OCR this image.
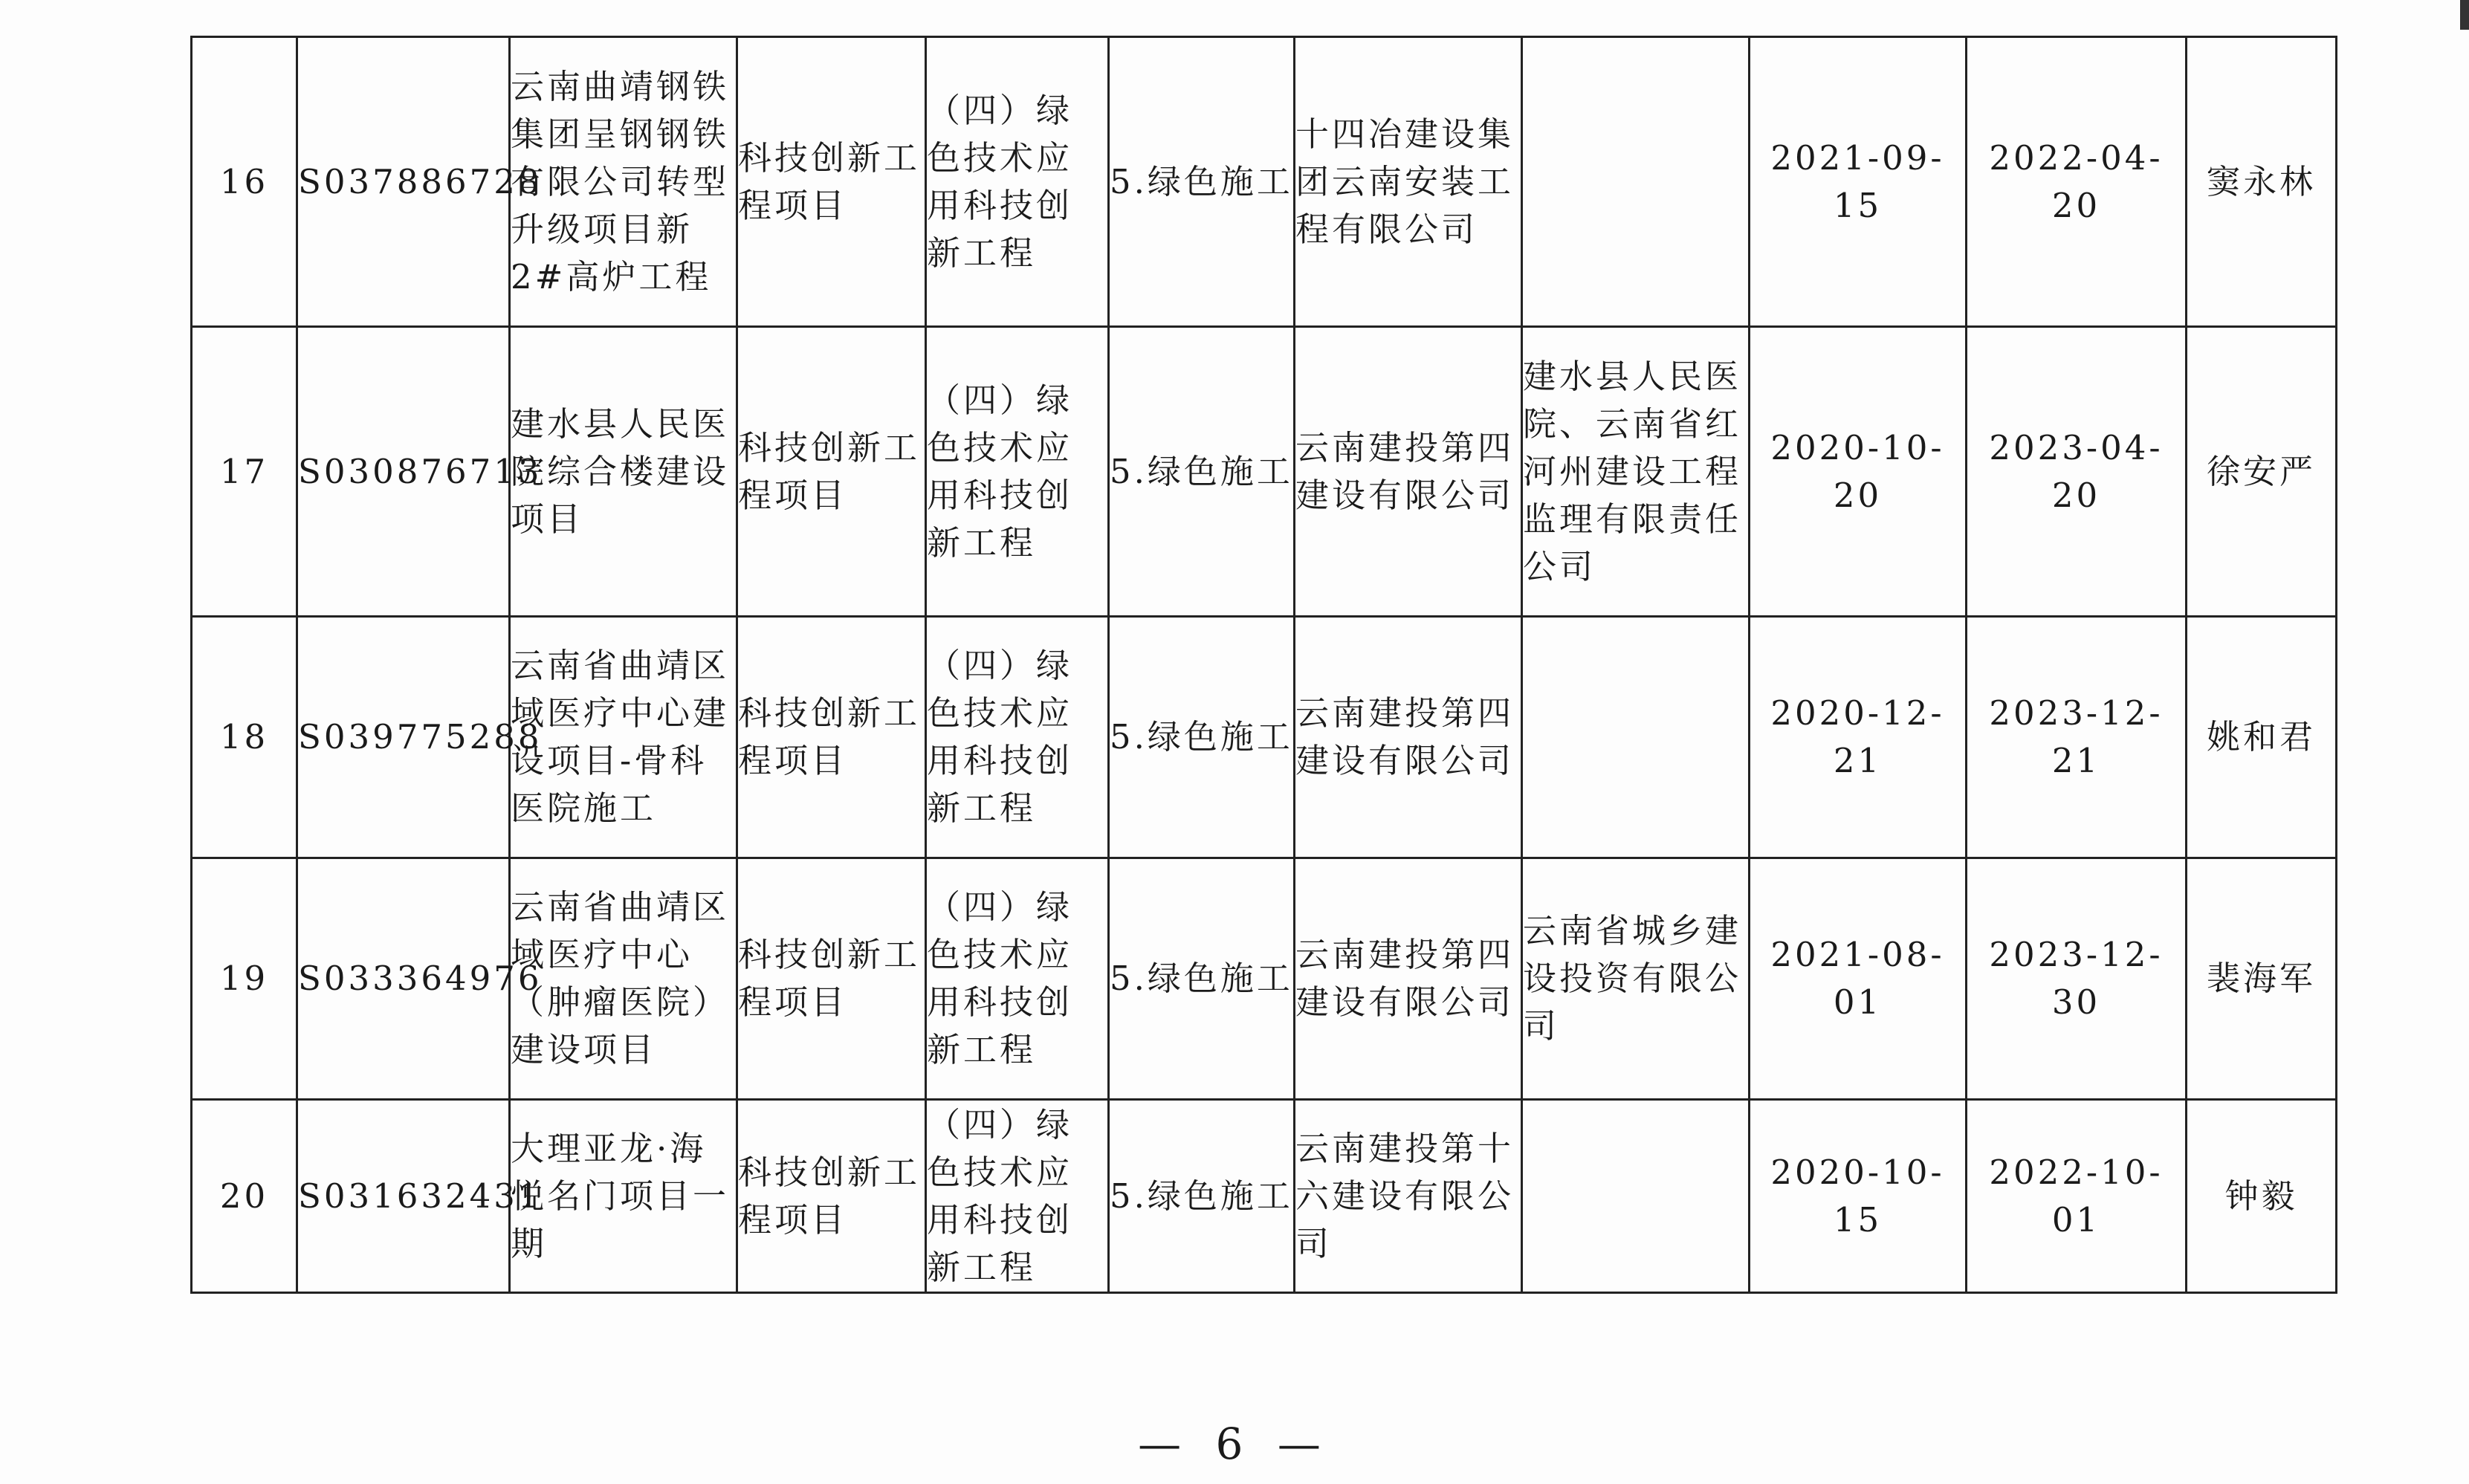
16	S037886728	云南曲靖钢铁集团呈钢钢铁有限公司转型升级项目新 2#高炉工程	科技创新工程项目	（四）绿色技术应用科技创新工程	5.绿色施工	十四冶建设集团云南安装工程有限公司		2021-09-15	2022-04-20	窦永林
17	S030876713	建水县人民医院综合楼建设项目	科技创新工程项目	（四）绿色技术应用科技创新工程	5.绿色施工	云南建投第四建设有限公司	建水县人民医院、云南省红河州建设工程监理有限责任公司	2020-10-20	2023-04-20	徐安严
18	S039775288	云南省曲靖区域医疗中心建设项目-骨科医院施工	科技创新工程项目	（四）绿色技术应用科技创新工程	5.绿色施工	云南建投第四建设有限公司		2020-12-21	2023-12-21	姚和君
19	S033364976	云南省曲靖区域医疗中心（肿瘤医院）建设项目	科技创新工程项目	（四）绿色技术应用科技创新工程	5.绿色施工	云南建投第四建设有限公司	云南省城乡建设投资有限公司	2021-08-01	2023-12-30	裴海军
20	S031632431	大理亚龙·海悦名门项目一期	科技创新工程项目	（四）绿色技术应用科技创新工程	5.绿色施工	云南建投第十六建设有限公司		2020-10-15	2022-10-01	钟毅
— 6 —
